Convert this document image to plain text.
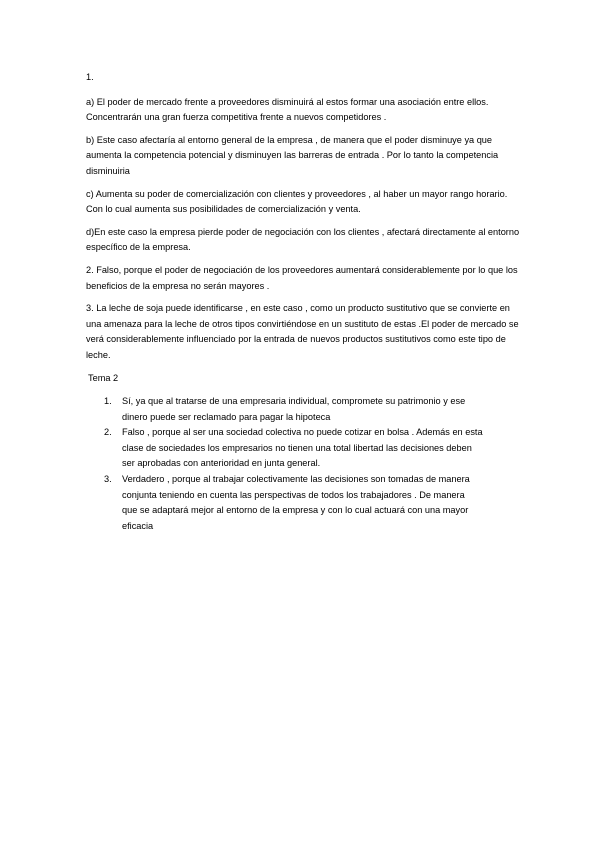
1.

a) El poder de mercado frente a proveedores disminuirá al estos formar una asociación entre ellos. Concentrarán una gran fuerza competitiva frente a nuevos competidores .

b) Este caso afectaría al entorno general de la empresa , de manera que el poder disminuye ya que aumenta la competencia potencial y disminuyen las barreras de entrada . Por lo tanto la competencia disminuiria

c) Aumenta su poder de comercialización con clientes y proveedores , al haber un mayor rango horario. Con lo cual aumenta sus posibilidades de comercialización y venta.

d)En este caso la empresa pierde poder de negociación con los clientes , afectará directamente al entorno específico de la empresa.

2. Falso, porque el poder de negociación de los proveedores aumentará considerablemente por lo que los beneficios de la empresa no serán mayores .

3. La leche de soja puede identificarse , en este caso , como un producto sustitutivo que se convierte en una amenaza para la leche de otros tipos convirtiéndose en un sustituto de estas .El poder de mercado se verá considerablemente influenciado por la entrada de nuevos productos sustitutivos como este tipo de leche.

Tema 2
1. Sí, ya que al tratarse de una empresaria individual, compromete su patrimonio y ese
dinero puede ser reclamado para pagar la hipoteca
2. Falso , porque al ser una sociedad colectiva no puede cotizar en bolsa . Además en esta
clase de sociedades los empresarios no tienen una total libertad las decisiones deben
ser aprobadas con anterioridad en junta general.
3. Verdadero , porque al trabajar colectivamente las decisiones son tomadas de manera
conjunta teniendo en cuenta las perspectivas de todos los trabajadores . De manera
que se adaptará mejor al entorno de la empresa y con lo cual actuará con una mayor
eficacia
